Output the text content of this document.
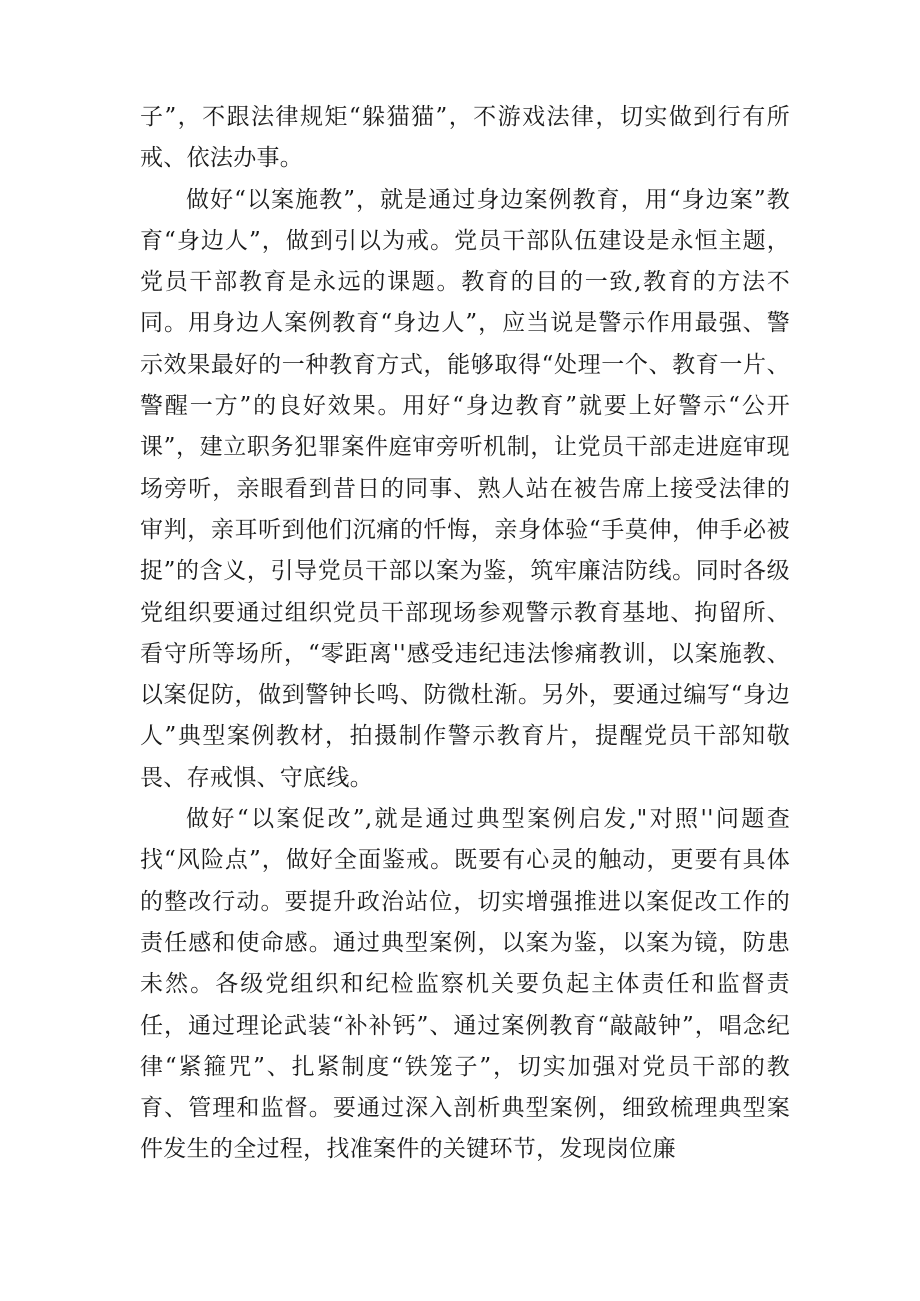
子”，不跟法律规矩“躲猫猫”，不游戏法律，切实做到行有所戒、依法办事。

做好“以案施教”，就是通过身边案例教育，用“身边案”教育“身边人”，做到引以为戒。党员干部队伍建设是永恒主题，党员干部教育是永远的课题。教育的目的一致,教育的方法不同。用身边人案例教育“身边人”，应当说是警示作用最强、警示效果最好的一种教育方式，能够取得“处理一个、教育一片、警醒一方”的良好效果。用好“身边教育”就要上好警示“公开课”，建立职务犯罪案件庭审旁听机制，让党员干部走进庭审现场旁听，亲眼看到昔日的同事、熟人站在被告席上接受法律的审判，亲耳听到他们沉痛的忏悔，亲身体验“手莫伸，伸手必被捉”的含义，引导党员干部以案为鉴，筑牢廉洁防线。同时各级党组织要通过组织党员干部现场参观警示教育基地、拘留所、看守所等场所，“零距离''感受违纪违法惨痛教训，以案施教、以案促防，做到警钟长鸣、防微杜渐。另外，要通过编写“身边人”典型案例教材，拍摄制作警示教育片，提醒党员干部知敬畏、存戒惧、守底线。

做好“以案促改”,就是通过典型案例启发,"对照''问题查找“风险点”，做好全面鉴戒。既要有心灵的触动，更要有具体的整改行动。要提升政治站位，切实增强推进以案促改工作的责任感和使命感。通过典型案例，以案为鉴，以案为镜，防患未然。各级党组织和纪检监察机关要负起主体责任和监督责任，通过理论武装“补补钙”、通过案例教育“敲敲钟”，唱念纪律“紧箍咒”、扎紧制度“铁笼子”，切实加强对党员干部的教育、管理和监督。要通过深入剖析典型案例，细致梳理典型案件发生的全过程，找准案件的关键环节，发现岗位廉
